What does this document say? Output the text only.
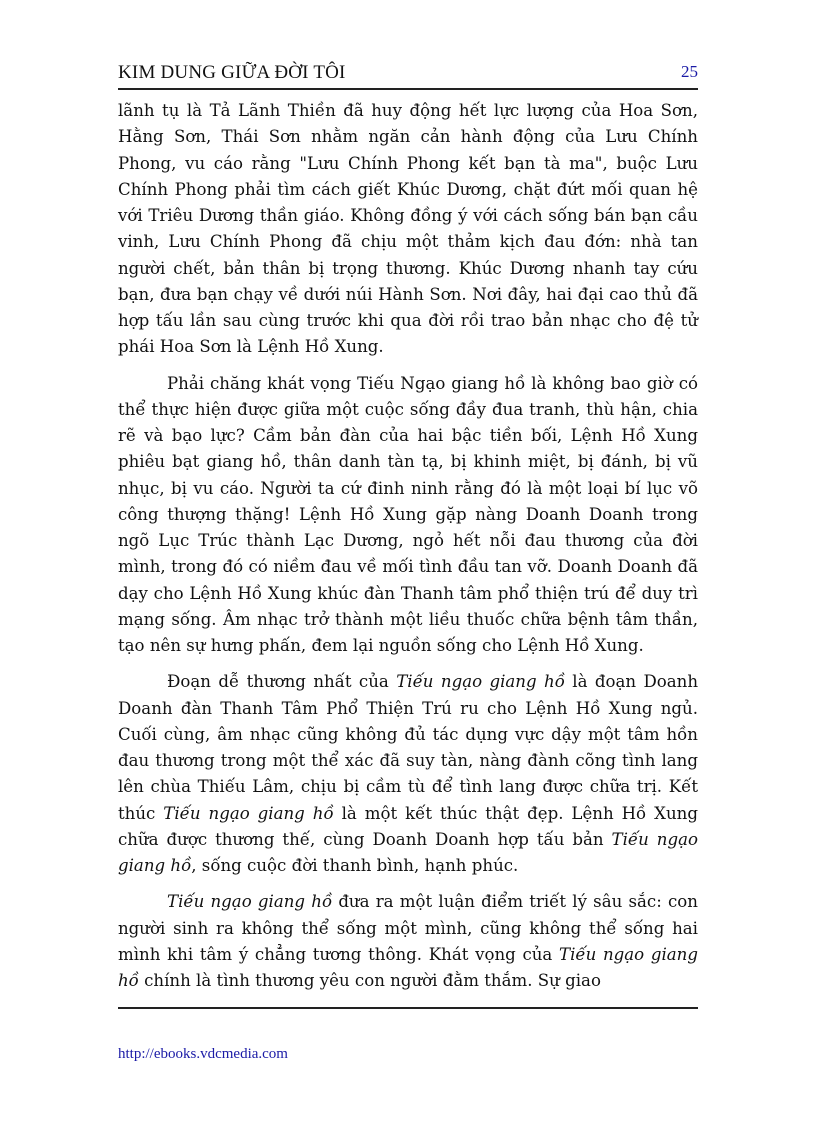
KIM DUNG GIỮA ĐỜI TÔI	25

lãnh tụ là Tả Lãnh Thiền đã huy động hết lực lượng của Hoa Sơn, Hằng Sơn, Thái Sơn nhằm ngăn cản hành động của Lưu Chính Phong, vu cáo rằng "Lưu Chính Phong kết bạn tà ma", buộc Lưu Chính Phong phải tìm cách giết Khúc Dương, chặt đứt mối quan hệ với Triêu Dương thần giáo. Không đồng ý với cách sống bán bạn cầu vinh, Lưu Chính Phong đã chịu một thảm kịch đau đớn: nhà tan người chết, bản thân bị trọng thương. Khúc Dương nhanh tay cứu bạn, đưa bạn chạy về dưới núi Hành Sơn. Nơi đây, hai đại cao thủ đã hợp tấu lần sau cùng trước khi qua đời rồi trao bản nhạc cho đệ tử phái Hoa Sơn là Lệnh Hồ Xung.

Phải chăng khát vọng Tiếu Ngạo giang hồ là không bao giờ có thể thực hiện được giữa một cuộc sống đầy đua tranh, thù hận, chia rẽ và bạo lực? Cầm bản đàn của hai bậc tiền bối, Lệnh Hồ Xung phiêu bạt giang hồ, thân danh tàn tạ, bị khinh miệt, bị đánh, bị vũ nhục, bị vu cáo. Người ta cứ đinh ninh rằng đó là một loại bí lục võ công thượng thặng! Lệnh Hồ Xung gặp nàng Doanh Doanh trong ngõ Lục Trúc thành Lạc Dương, ngỏ hết nỗi đau thương của đời mình, trong đó có niềm đau về mối tình đầu tan vỡ. Doanh Doanh đã dạy cho Lệnh Hồ Xung khúc đàn Thanh tâm phổ thiện trú để duy trì mạng sống. Âm nhạc trở thành một liều thuốc chữa bệnh tâm thần, tạo nên sự hưng phấn, đem lại nguồn sống cho Lệnh Hồ Xung.

Đoạn dễ thương nhất của Tiếu ngạo giang hồ là đoạn Doanh Doanh đàn Thanh Tâm Phổ Thiện Trú ru cho Lệnh Hồ Xung ngủ. Cuối cùng, âm nhạc cũng không đủ tác dụng vực dậy một tâm hồn đau thương trong một thể xác đã suy tàn, nàng đành cõng tình lang lên chùa Thiếu Lâm, chịu bị cầm tù để tình lang được chữa trị. Kết thúc Tiếu ngạo giang hồ là một kết thúc thật đẹp. Lệnh Hồ Xung chữa được thương thế, cùng Doanh Doanh hợp tấu bản Tiếu ngạo giang hồ, sống cuộc đời thanh bình, hạnh phúc.

Tiếu ngạo giang hồ đưa ra một luận điểm triết lý sâu sắc: con người sinh ra không thể sống một mình, cũng không thể sống hai mình khi tâm ý chẳng tương thông. Khát vọng của Tiếu ngạo giang hồ chính là tình thương yêu con người đằm thắm. Sự giao

http://ebooks.vdcmedia.com
